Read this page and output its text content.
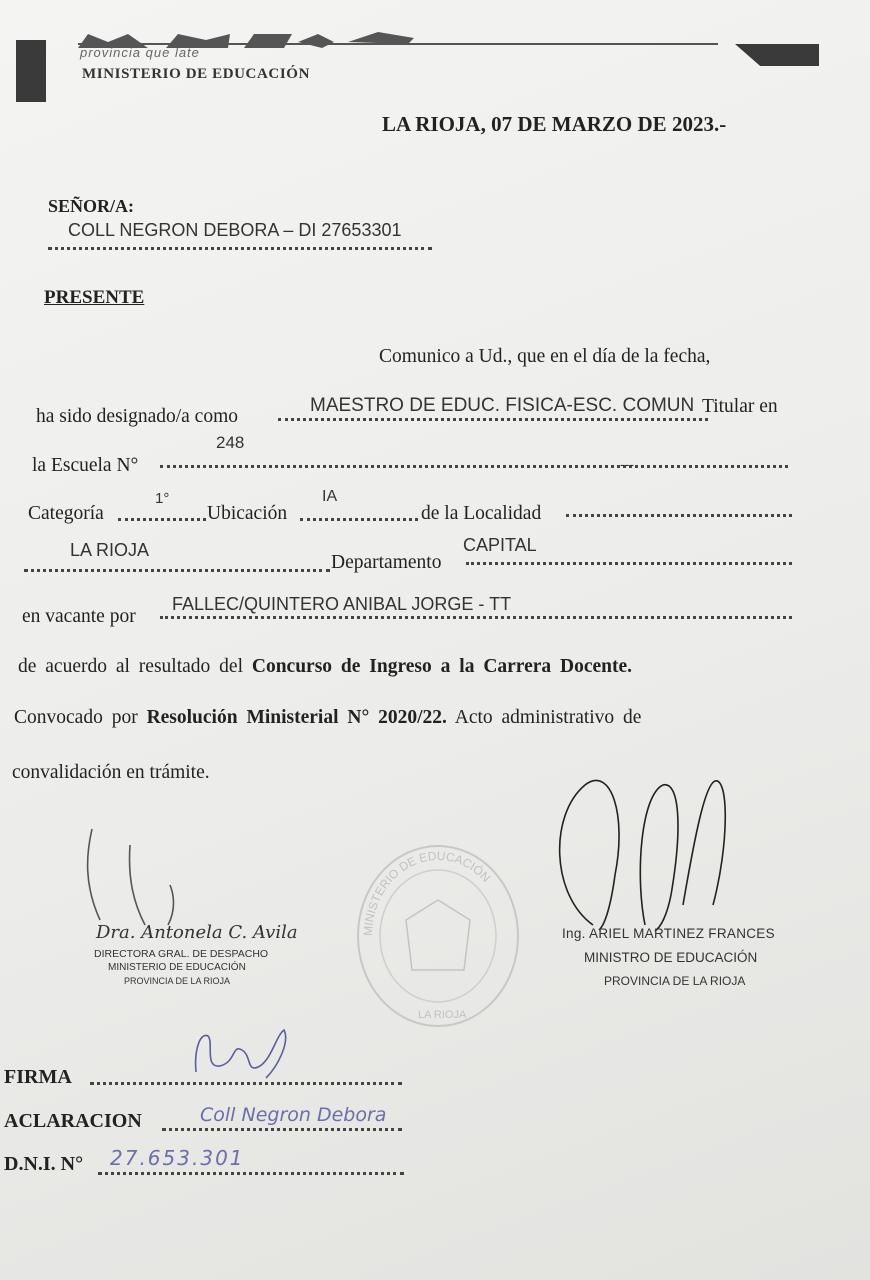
provincia que late
MINISTERIO DE EDUCACIÓN
LA RIOJA, 07 DE MARZO DE 2023.-
SEÑOR/A:
COLL NEGRON DEBORA – DI 27653301
PRESENTE
Comunico a Ud., que en el día de la fecha,
ha sido designado/a como
MAESTRO DE EDUC. FISICA-ESC. COMUN Titular en
248
la Escuela N°	---
1°	IA
Categoría	Ubicación	de la Localidad
LA RIOJA	CAPITAL
Departamento
en vacante por
FALLEC/QUINTERO ANIBAL JORGE - TT
de acuerdo al resultado del Concurso de Ingreso a la Carrera Docente.
Convocado por Resolución Ministerial N° 2020/22. Acto administrativo de
convalidación en trámite.
Dra. Antonela C. Avila
DIRECTORA GRAL. DE DESPACHO
MINISTERIO DE EDUCACIÓN
PROVINCIA DE LA RIOJA
MINISTERIO DE EDUCACIÓN
LA RIOJA
Ing. ARIEL MARTINEZ FRANCES
MINISTRO DE EDUCACIÓN
PROVINCIA DE LA RIOJA
FIRMA
ACLARACION	Coll Negron Debora
D.N.I. N° 27.653.301
